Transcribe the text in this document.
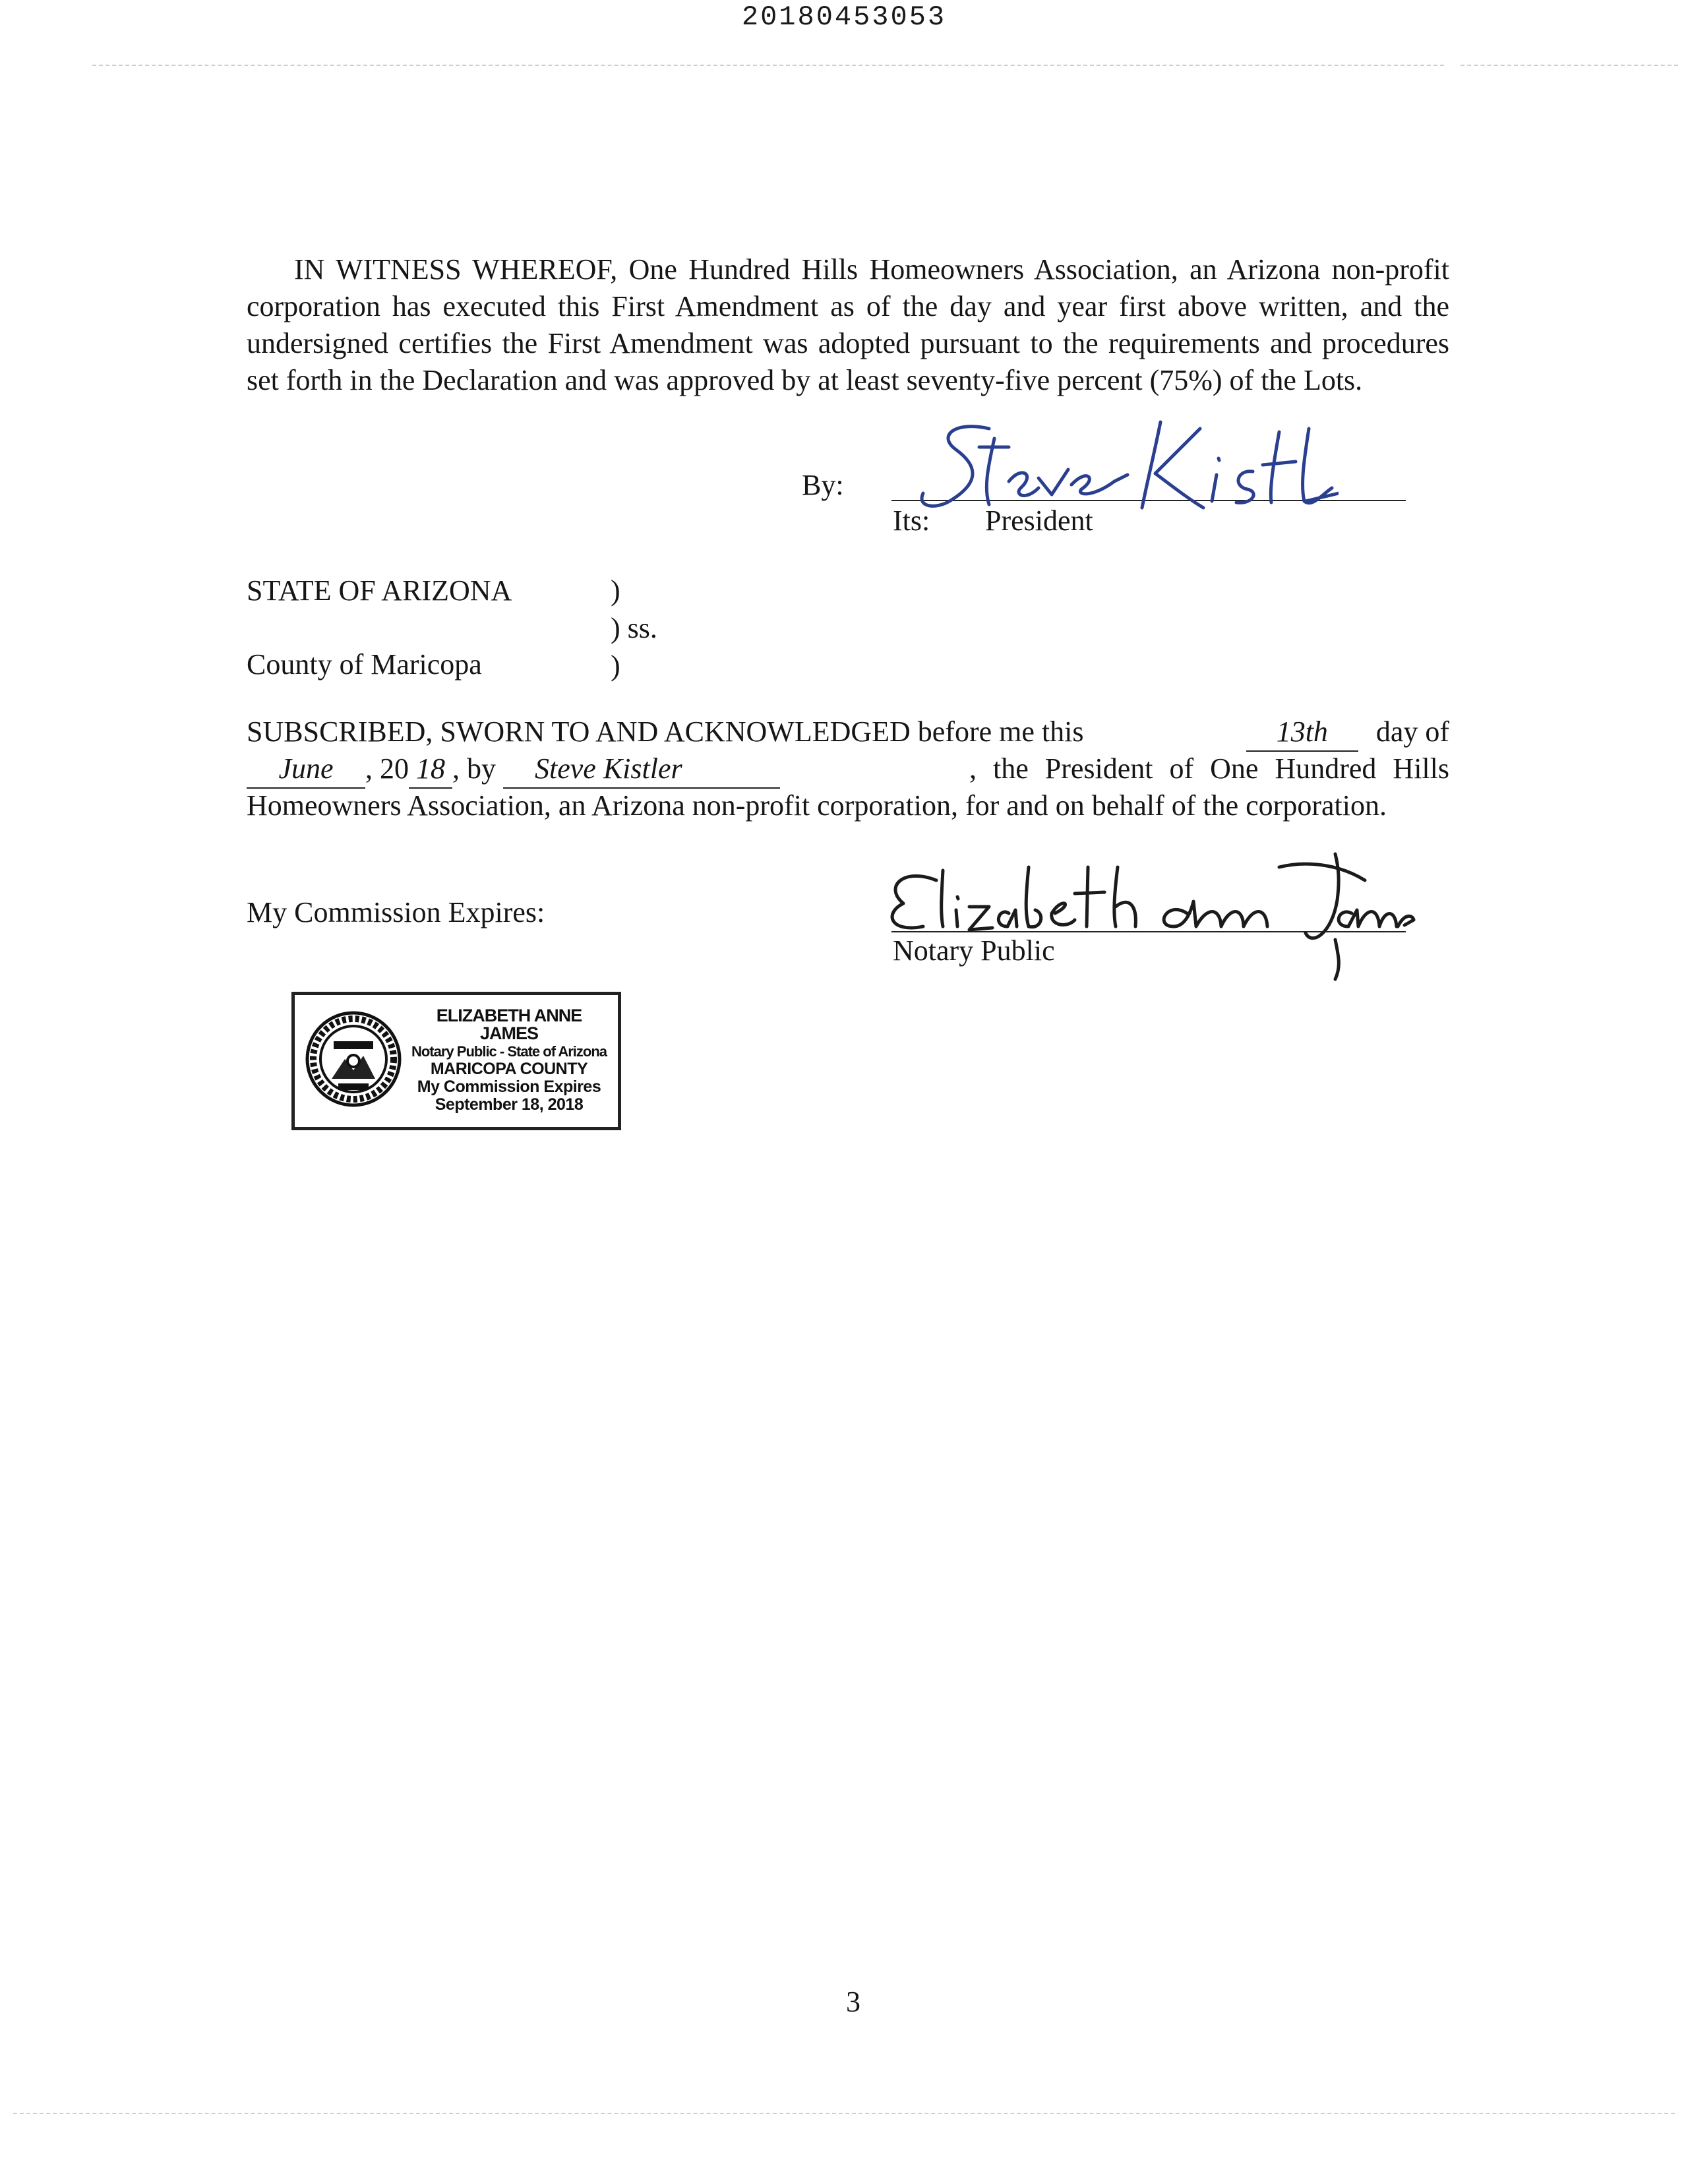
20180453053
IN WITNESS WHEREOF, One Hundred Hills Homeowners Association, an Arizona non-profit corporation has executed this First Amendment as of the day and year first above written, and the undersigned certifies the First Amendment was adopted pursuant to the requirements and procedures set forth in the Declaration and was approved by at least seventy-five percent (75%) of the Lots.
By:
Its: President
STATE OF ARIZONA	)
) ss.
County of Maricopa	)
SUBSCRIBED, SWORN TO AND ACKNOWLEDGED before me this	13th day of
June , 20 18 , by Steve Kistler	, the President of One Hundred Hills
Homeowners Association, an Arizona non-profit corporation, for and on behalf of the corporation.
My Commission Expires:
Notary Public
ELIZABETH ANNE JAMES
Notary Public - State of Arizona
MARICOPA COUNTY
My Commission Expires
September 18, 2018
3
